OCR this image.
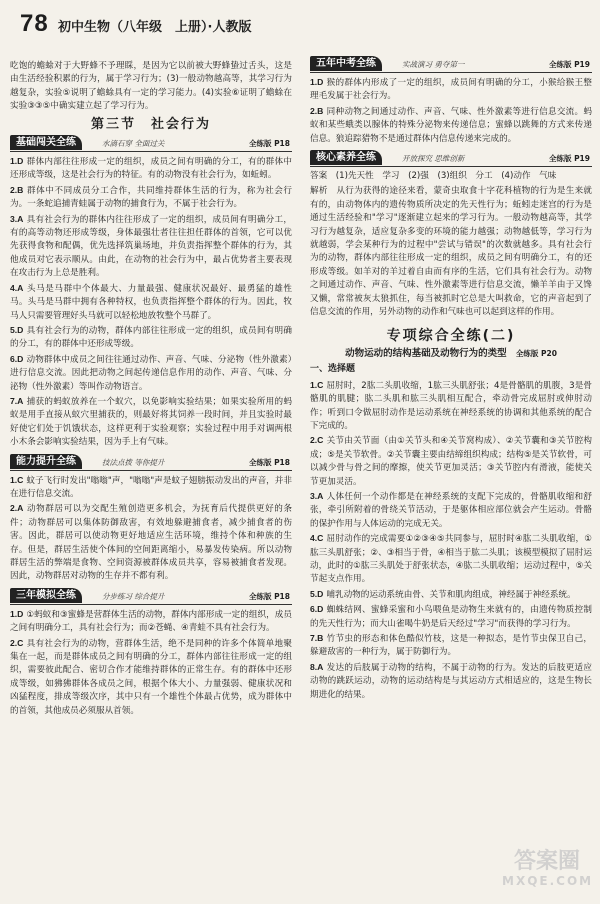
78 初中生物（八年级　上册）·人教版

吃饱的蟾蜍对于大野蜂不予理睬，是因为它以前被大野蜂蛰过舌头，这是由生活经验积累的行为，属于学习行为；(3)一般动物越高等，其学习行为越复杂，实验⑤说明了蟾蜍具有一定的学习能力。(4)实验⑥证明了蟾蜍在实验③③⑤中确实建立起了学习行为。

第三节　社会行为
基础闯关全练	水滴石穿 全面过关	全练版 P18

1.D 群体内部往往形成一定的组织，成员之间有明确的分工，有的群体中还形成等级，这是社会行为的特征。有的动物没有社会行为，如蚯蚓。

2.B 群体中不同成员分工合作，共同维持群体生活的行为，称为社会行为。一条蛇追捕青蛙属于动物的捕食行为，不属于社会行为。

3.A 具有社会行为的群体内往往形成了一定的组织，成员间有明确分工，有的高等动物还形成等级，身体最强壮者往往担任群体的首领，它可以优先获得食物和配偶，优先选择筑巢场地，并负责指挥整个群体的行为，其他成员对它表示顺从。由此，在动物的社会行为中，最占优势者主要表现在攻击行为上总是胜利。

4.A 头马是马群中个体最大、力量最强、健康状况最好、最勇猛的雄性马。头马是马群中拥有各种特权，也负责指挥整个群体的行为。因此，牧马人只需要管理好头马就可以轻松地放牧整个马群了。

5.D 具有社会行为的动物，群体内部往往形成一定的组织，成员间有明确的分工，有的群体中还形成等级。

6.D 动物群体中成员之间往往通过动作、声音、气味、分泌物（性外激素）进行信息交流。因此把动物之间起传递信息作用的动作、声音、气味、分泌物（性外激素）等叫作动物语言。

7.A 捕获的蚂蚁放养在一个蚁穴，以免影响实验结果；如果实验所用的蚂蚁是用手直接从蚁穴里捕获的，则最好将其饲养一段时间，并且实验时最好使它们处于饥饿状态，这样更利于实验观察；实验过程中用手对调两根小木条会影响实验结果，因为手上有气味。

能力提升全练	技法点拨 等你提升	全练版 P18

1.C 蚊子飞行时发出"嗡嗡"声，"嗡嗡"声是蚊子翅膀振动发出的声音，并非在进行信息交流。

2.A 动物群居可以为交配生殖创造更多机会，为抚育后代提供更好的条件；动物群居可以集体防御敌害，有效地躲避捕食者，减少捕食者的伤害。因此，群居可以使动物更好地适应生活环境，维持个体和种族的生存。但是，群居生活使个体间的空间距离缩小，易暴发传染病。所以动物群居生活的弊端是食物、空间资源被群体成员共享，容易被捕食者发现。因此，动物群居对动物的生存并不都有利。

三年模拟全练	分步练习 综合提升	全练版 P18

1.D ①蚂蚁和③蜜蜂是营群体生活的动物，群体内部形成一定的组织，成员之间有明确分工，具有社会行为；而②苍蝇、④青蛙不具有社会行为。

2.C 具有社会行为的动物，营群体生活，绝不是同种的许多个体简单地聚集在一起，而是群体成员之间有明确的分工，群体内部往往形成一定的组织，需要彼此配合、密切合作才能维持群体的正常生存。有的群体中还形成等级，如狒狒群体各成员之间，根据个体大小、力量强弱、健康状况和凶猛程度，排成等级次序，其中只有一个雄性个体最占优势，成为群体中的首领，其他成员必须服从首领。

五年中考全练	实战演习 勇夺第一	全练版 P19

1.D 猴的群体内形成了一定的组织，成员间有明确的分工，小猴给猴王整理毛发属于社会行为。

2.B 同种动物之间通过动作、声音、气味、性外激素等进行信息交流。蚂蚁和某些蛾类以腺体的特殊分泌物来传递信息；蜜蜂以跳舞的方式来传递信息。狼追踪猎物不是通过群体内信息传递来完成的。

核心素养全练	开放探究 思维创新	全练版 P19

答案　(1)先天性　学习　(2)强　(3)组织　分工　(4)动作　气味

解析　从行为获得的途径来看，蒙奇虫取食十字花科植物的行为是生来就有的，由动物体内的遗传物质所决定的先天性行为；蚯蚓走迷宫的行为是通过生活经验和"学习"逐渐建立起来的学习行为。一般动物越高等，其学习行为越复杂，适应复杂多变的环境的能力越强；动物越低等，学习行为就越弱，学会某种行为的过程中"尝试与错误"的次数就越多。具有社会行为的动物，群体内部往往形成一定的组织，成员之间有明确分工，有的还形成等级。如羊对的羊过着自由而有序的生活，它们具有社会行为。动物之间通过动作、声音、气味、性外激素等进行信息交流，懒羊羊由于又馋又懒，常常被灰太狼抓住，每当被抓时它总是大叫救命，它的声音起到了信息交流的作用，另外动物的动作和气味也可以起到这样的作用。

专项综合全练(二)
动物运动的结构基础及动物行为的类型 全练版 P20
一、选择题

1.C 屈肘时，2肱二头肌收缩，1肱三头肌舒张；4是骨骼肌的肌腹，3是骨骼肌的肌腱；肱二头肌和肱三头肌相互配合，牵动骨完成屈肘或伸肘动作；听到口令做屈肘动作是运动系统在神经系统的协调和其他系统的配合下完成的。

2.C 关节由关节面（由①关节头和④关节窝构成）、②关节囊和③关节腔构成；⑤是关节软骨。②关节囊主要由结缔组织构成；结构⑤是关节软骨，可以减少骨与骨之间的摩擦，使关节更加灵活；③关节腔内有滑液，能使关节更加灵活。

3.A 人体任何一个动作都是在神经系统的支配下完成的，骨骼肌收缩和舒张，牵引所附着的骨绕关节活动，于是躯体相应部位就会产生运动。骨骼的保护作用与人体运动的完成无关。

4.C 屈肘动作的完成需要①②③④⑤共同参与，屈肘时④肱二头肌收缩，①肱三头肌舒张；②、③相当于骨，④相当于肱二头肌；该模型模拟了屈肘运动，此时的①肱三头肌处于舒张状态，④肱二头肌收缩；运动过程中，⑤关节起支点作用。

5.D 哺乳动物的运动系统由骨、关节和肌肉组成，神经属于神经系统。

6.D 蜘蛛结网、蜜蜂采蜜和小鸟喂鱼是动物生来就有的，由遗传物质控制的先天性行为；而大山雀喝牛奶是后天经过"学习"而获得的学习行为。

7.B 竹节虫的形态和体色酷似竹枝，这是一种拟态，是竹节虫保卫自己，躲避敌害的一种行为，属于防御行为。

8.A 发达的后肢属于动物的结构，不属于动物的行为。发达的后肢更适应动物的跳跃运动，动物的运动结构是与其运动方式相适应的，这是生物长期进化的结果。

答案圈
MXQE.COM
